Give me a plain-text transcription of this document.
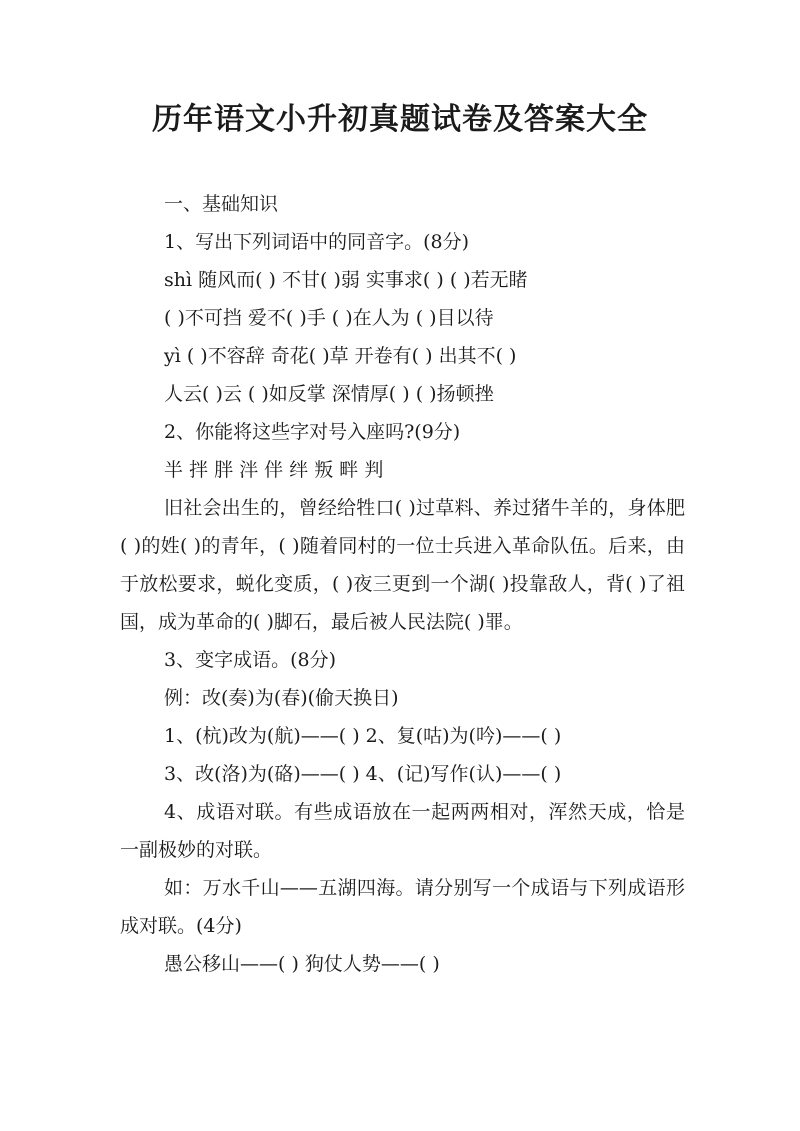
历年语文小升初真题试卷及答案大全
一、基础知识
1、写出下列词语中的同音字。(8分)
shì 随风而( ) 不甘( )弱 实事求( ) ( )若无睹
( )不可挡 爱不( )手 ( )在人为 ( )目以待
yì ( )不容辞 奇花( )草 开卷有( ) 出其不( )
人云( )云 ( )如反掌 深情厚( ) ( )扬顿挫
2、你能将这些字对号入座吗?(9分)
半 拌 胖 泮 伴 绊 叛 畔 判

旧社会出生的，曾经给牲口( )过草料、养过猪牛羊的，身体肥( )的姓( )的青年，( )随着同村的一位士兵进入革命队伍。后来，由于放松要求，蜕化变质，( )夜三更到一个湖( )投靠敌人，背( )了祖国，成为革命的( )脚石，最后被人民法院( )罪。

3、变字成语。(8分)
例：改(奏)为(春)(偷天换日)
1、(杭)改为(航)——( ) 2、复(咕)为(吟)——( )
3、改(洛)为(硌)——( ) 4、(记)写作(认)——( )

4、成语对联。有些成语放在一起两两相对，浑然天成，恰是一副极妙的对联。

如：万水千山——五湖四海。请分别写一个成语与下列成语形成对联。(4分)

愚公移山——( ) 狗仗人势——( )
